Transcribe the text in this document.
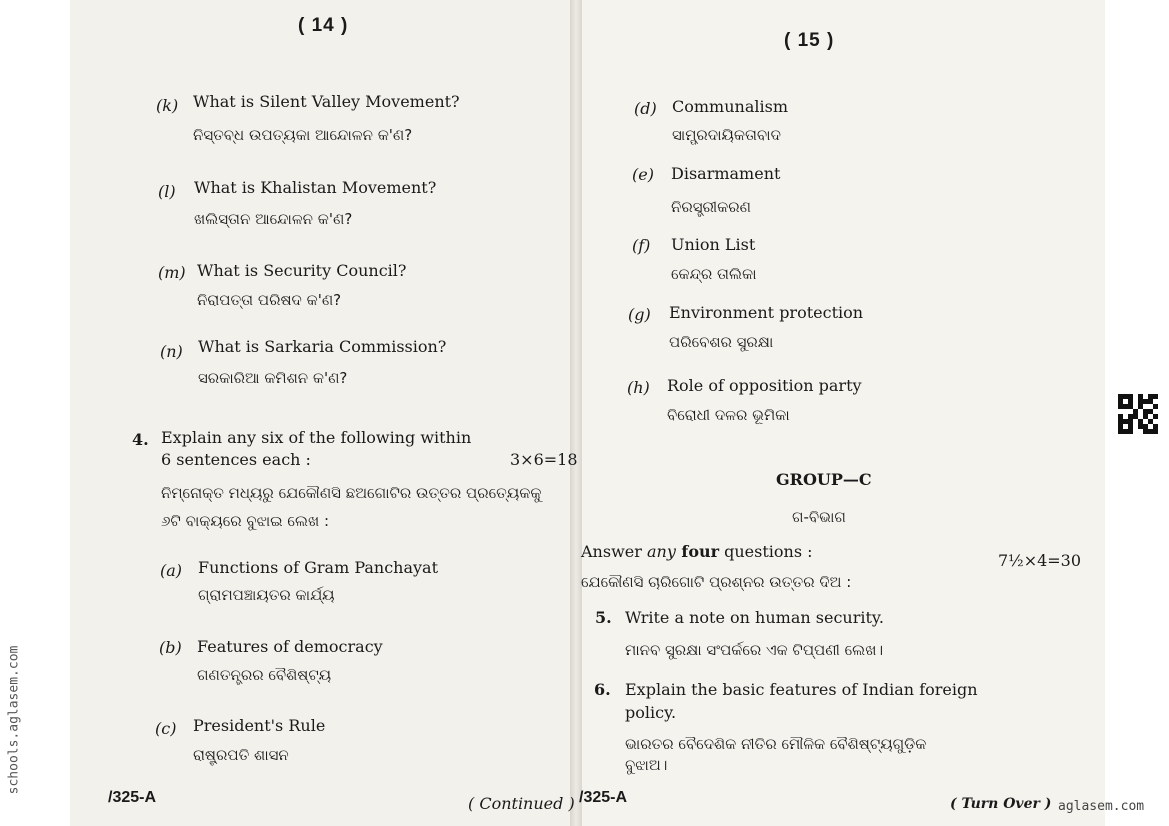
( 14 )
(k) What is Silent Valley Movement?
ନିସ୍ତବ୍ଧ ଉପତ୍ୟକା ଆନ୍ଦୋଳନ କ'ଣ?
(l) What is Khalistan Movement?
ଖଲିସ୍ତାନ ଆନ୍ଦୋଳନ କ'ଣ?
(m) What is Security Council?
ନିରାପତ୍ତା ପରିଷଦ କ'ଣ?
(n) What is Sarkaria Commission?
ସରକାରିଆ କମିଶନ କ'ଣ?
4. Explain any six of the following within
6 sentences each :	3×6=18
ନିମ୍ନୋକ୍ତ ମଧ୍ୟରୁ ଯେକୌଣସି ଛଅଗୋଟିର ଉତ୍ତର ପ୍ରତ୍ୟେକକୁ
୬ଟି ବାକ୍ୟରେ ବୁଝାଇ ଲେଖ :
(a) Functions of Gram Panchayat
ଗ୍ରାମପଞ୍ଚାୟତର କାର୍ଯ୍ୟ
(b) Features of democracy
ଗଣତନ୍ତ୍ରର ବୈଶିଷ୍ଟ୍ୟ
(c) President's Rule
ରାଷ୍ଟ୍ରପତି ଶାସନ
/325-A	( Continued )
( 15 )
(d) Communalism
ସାମ୍ପ୍ରଦାୟିକତାବାଦ
(e) Disarmament
ନିରସ୍ତ୍ରୀକରଣ
(f) Union List
କେନ୍ଦ୍ର ତାଲିକା
(g) Environment protection
ପରିବେଶର ସୁରକ୍ଷା
(h) Role of opposition party
ବିରୋଧୀ ଦଳର ଭୂମିକା
GROUP—C
ଗ-ବିଭାଗ
Answer any four questions :	7½×4=30
ଯେକୌଣସି ଚାରିଗୋଟି ପ୍ରଶ୍ନର ଉତ୍ତର ଦିଅ :
5. Write a note on human security.
ମାନବ ସୁରକ୍ଷା ସଂପର୍କରେ ଏକ ଟିପ୍ପଣୀ ଲେଖ।
6. Explain the basic features of Indian foreign
policy.
ଭାରତର ବୈଦେଶିକ ନୀତିର ମୌଳିକ ବୈଶିଷ୍ଟ୍ୟଗୁଡ଼ିକ
ବୁଝାଅ।
/325-A	( Turn Over ) aglasem.com
schools.aglasem.com
